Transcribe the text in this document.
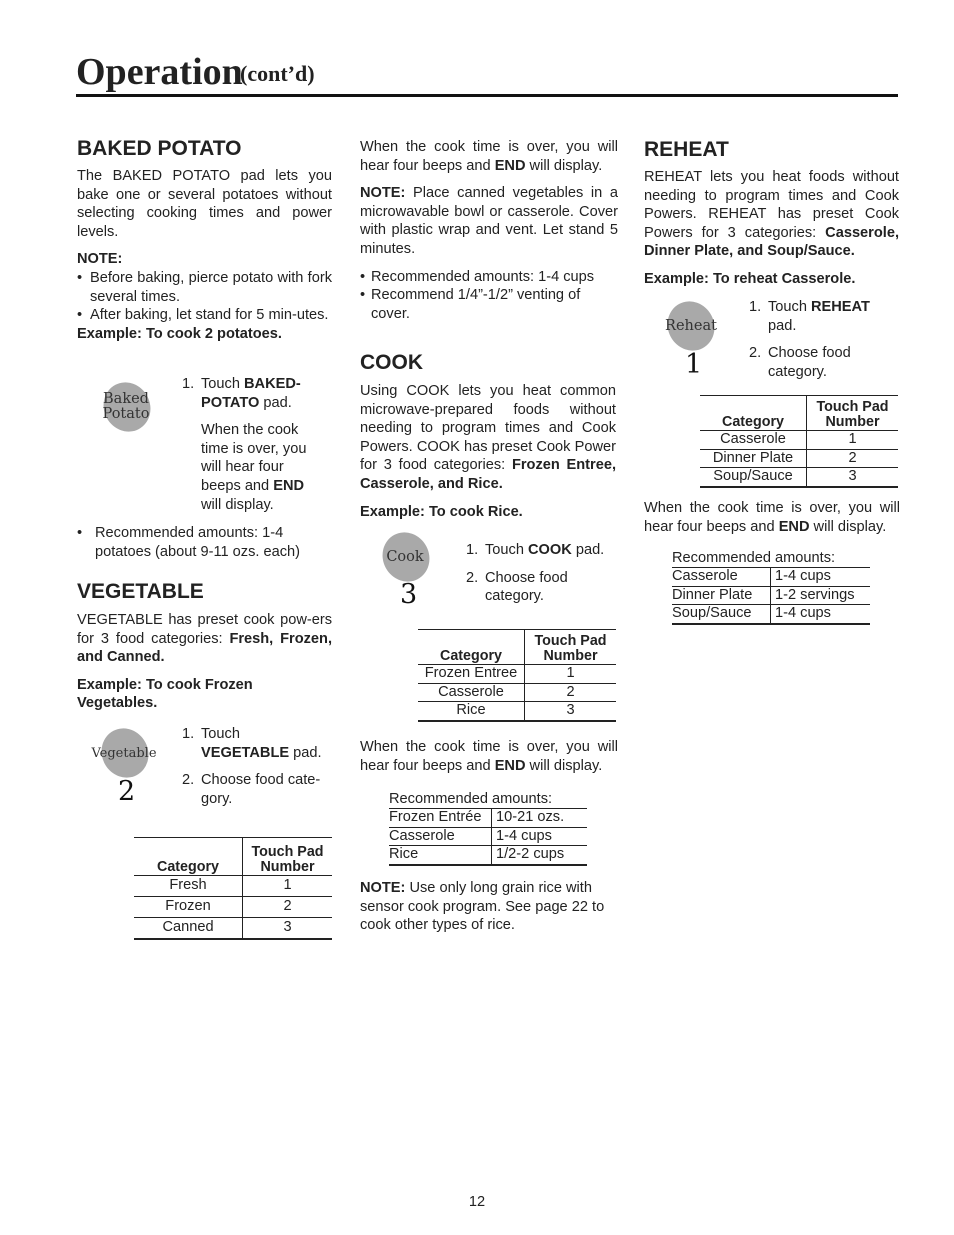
Operation
(cont’d)
BAKED POTATO

The BAKED POTATO pad lets you bake one or several potatoes without selecting cooking times and power levels.

NOTE:

• Before baking, pierce potato with fork several times.
• After baking, let stand for 5 min-utes.

Example: To cook 2 potatoes.

Baked
Potato
1. Touch BAKED-POTATO pad.

When the cook time is over, you will hear four beeps and END will display.

• Recommended amounts: 1-4 potatoes (about 9-11 ozs. each)
VEGETABLE

VEGETABLE has preset cook pow-ers for 3 food categories: Fresh, Frozen, and Canned.

Example: To cook Frozen Vegetables.

Vegetable
2
1. Touch
VEGETABLE pad.
2. Choose food cate-gory.
Category	Touch Pad Number
Fresh	1
Frozen	2
Canned	3

When the cook time is over, you will hear four beeps and END will display.

NOTE: Place canned vegetables in a microwavable bowl or casserole. Cover with plastic wrap and vent. Let stand 5 minutes.

• Recommended amounts: 1-4 cups
• Recommend 1/4”-1/2” venting of cover.
COOK

Using COOK lets you heat common microwave-prepared foods without needing to program times and Cook Powers. COOK has preset Cook Power for 3 food categories: Frozen Entree, Casserole, and Rice.

Example: To cook Rice.

Cook
3
1. Touch COOK pad.
2. Choose food category.
Category	Touch Pad Number
Frozen Entree	1
Casserole	2
Rice	3

When the cook time is over, you will hear four beeps and END will display.

Recommended amounts:
Frozen Entrée	10-21 ozs.
Casserole	1-4 cups
Rice	1/2-2 cups

NOTE: Use only long grain rice with sensor cook program. See page 22 to cook other types of rice.

REHEAT

REHEAT lets you heat foods without needing to program times and Cook Powers. REHEAT has preset Cook Powers for 3 categories: Casserole, Dinner Plate, and Soup/Sauce.

Example: To reheat Casserole.

Reheat
1
1. Touch REHEAT
pad.
2. Choose food category.
Category	Touch Pad Number
Casserole	1
Dinner Plate	2
Soup/Sauce	3

When the cook time is over, you will hear four beeps and END will display.

Recommended amounts:
Casserole	1-4 cups
Dinner Plate	1-2 servings
Soup/Sauce	1-4 cups
12
